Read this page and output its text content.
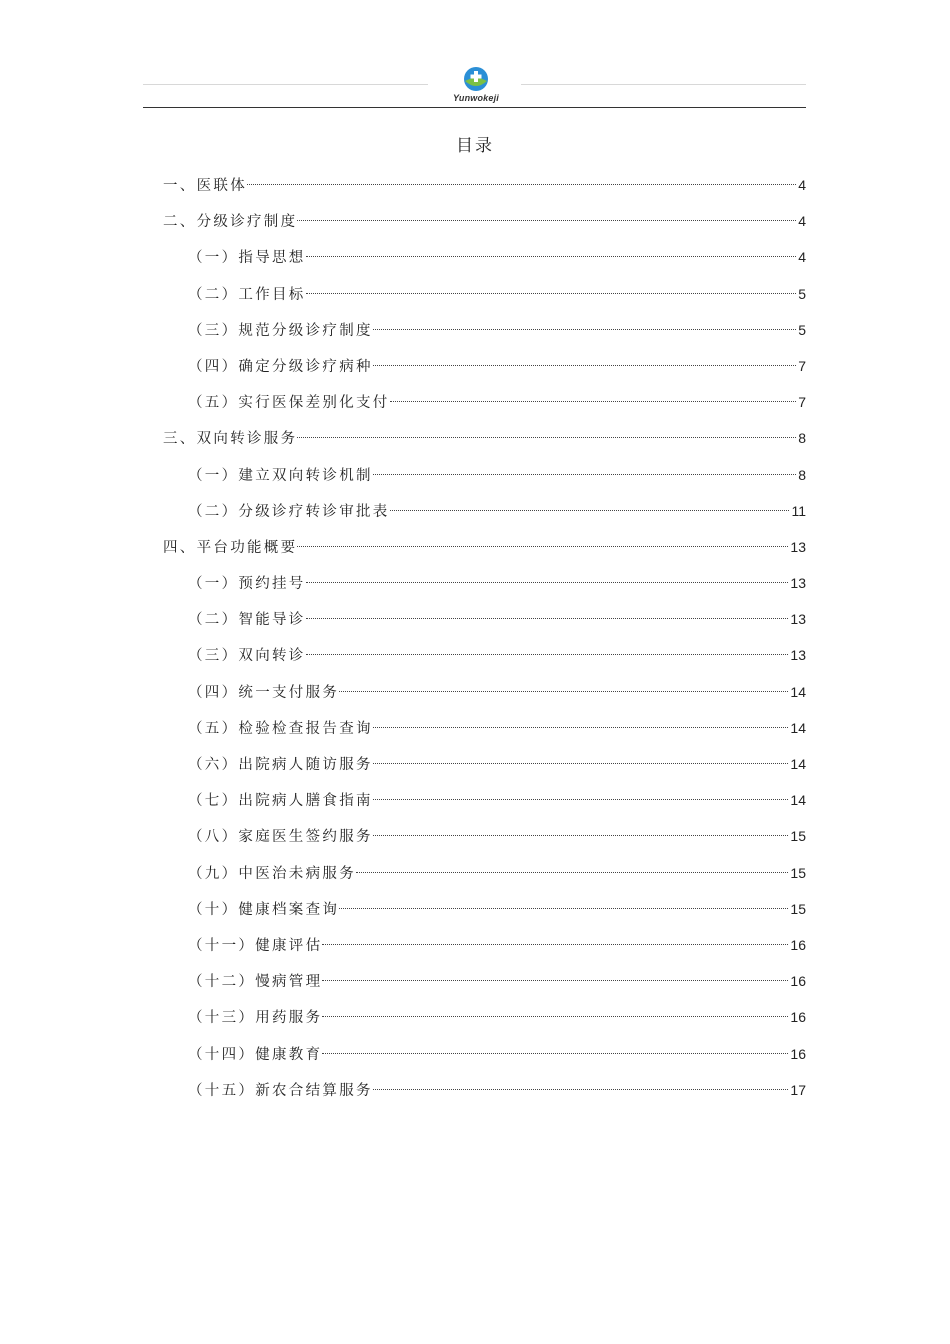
Yunwokeji
目录
一、医联体	4
二、分级诊疗制度	4
（一）指导思想	4
（二）工作目标	5
（三）规范分级诊疗制度	5
（四）确定分级诊疗病种	7
（五）实行医保差别化支付	7
三、双向转诊服务	8
（一）建立双向转诊机制	8
（二）分级诊疗转诊审批表	11
四、平台功能概要	13
（一）预约挂号	13
（二）智能导诊	13
（三）双向转诊	13
（四）统一支付服务	14
（五）检验检查报告查询	14
（六）出院病人随访服务	14
（七）出院病人膳食指南	14
（八）家庭医生签约服务	15
（九）中医治未病服务	15
（十）健康档案查询	15
（十一）健康评估	16
（十二）慢病管理	16
（十三）用药服务	16
（十四）健康教育	16
（十五）新农合结算服务	17
